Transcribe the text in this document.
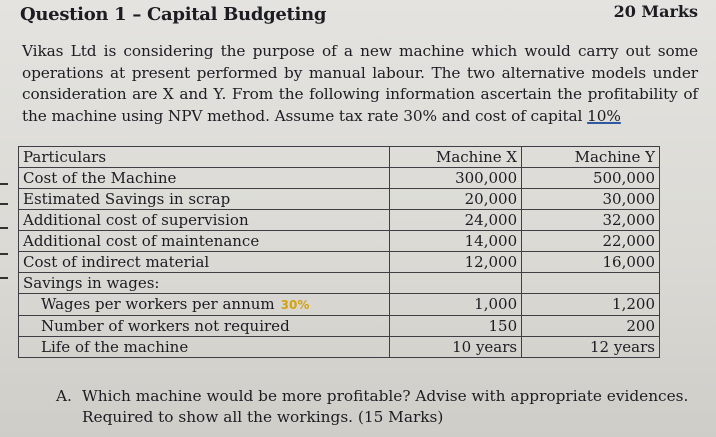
Question 1 – Capital Budgeting	20 Marks
Vikas Ltd is considering the purpose of a new machine which would carry out some operations at present performed by manual labour. The two alternative models under consideration are X and Y. From the following information ascertain the profitability of the machine using NPV method. Assume tax rate 30% and cost of capital 10%
Particulars	Machine X	Machine Y
Cost of the Machine	300,000	500,000
Estimated Savings in scrap	20,000	30,000
Additional cost of supervision	24,000	32,000
Additional cost of maintenance	14,000	22,000
Cost of indirect material	12,000	16,000
Savings in wages:		
Wages per workers per annum 30%	1,000	1,200
Number of workers not required	150	200
Life of the machine	10 years	12 years
A. Which machine would be more profitable? Advise with appropriate evidences.
Required to show all the workings. (15 Marks)
